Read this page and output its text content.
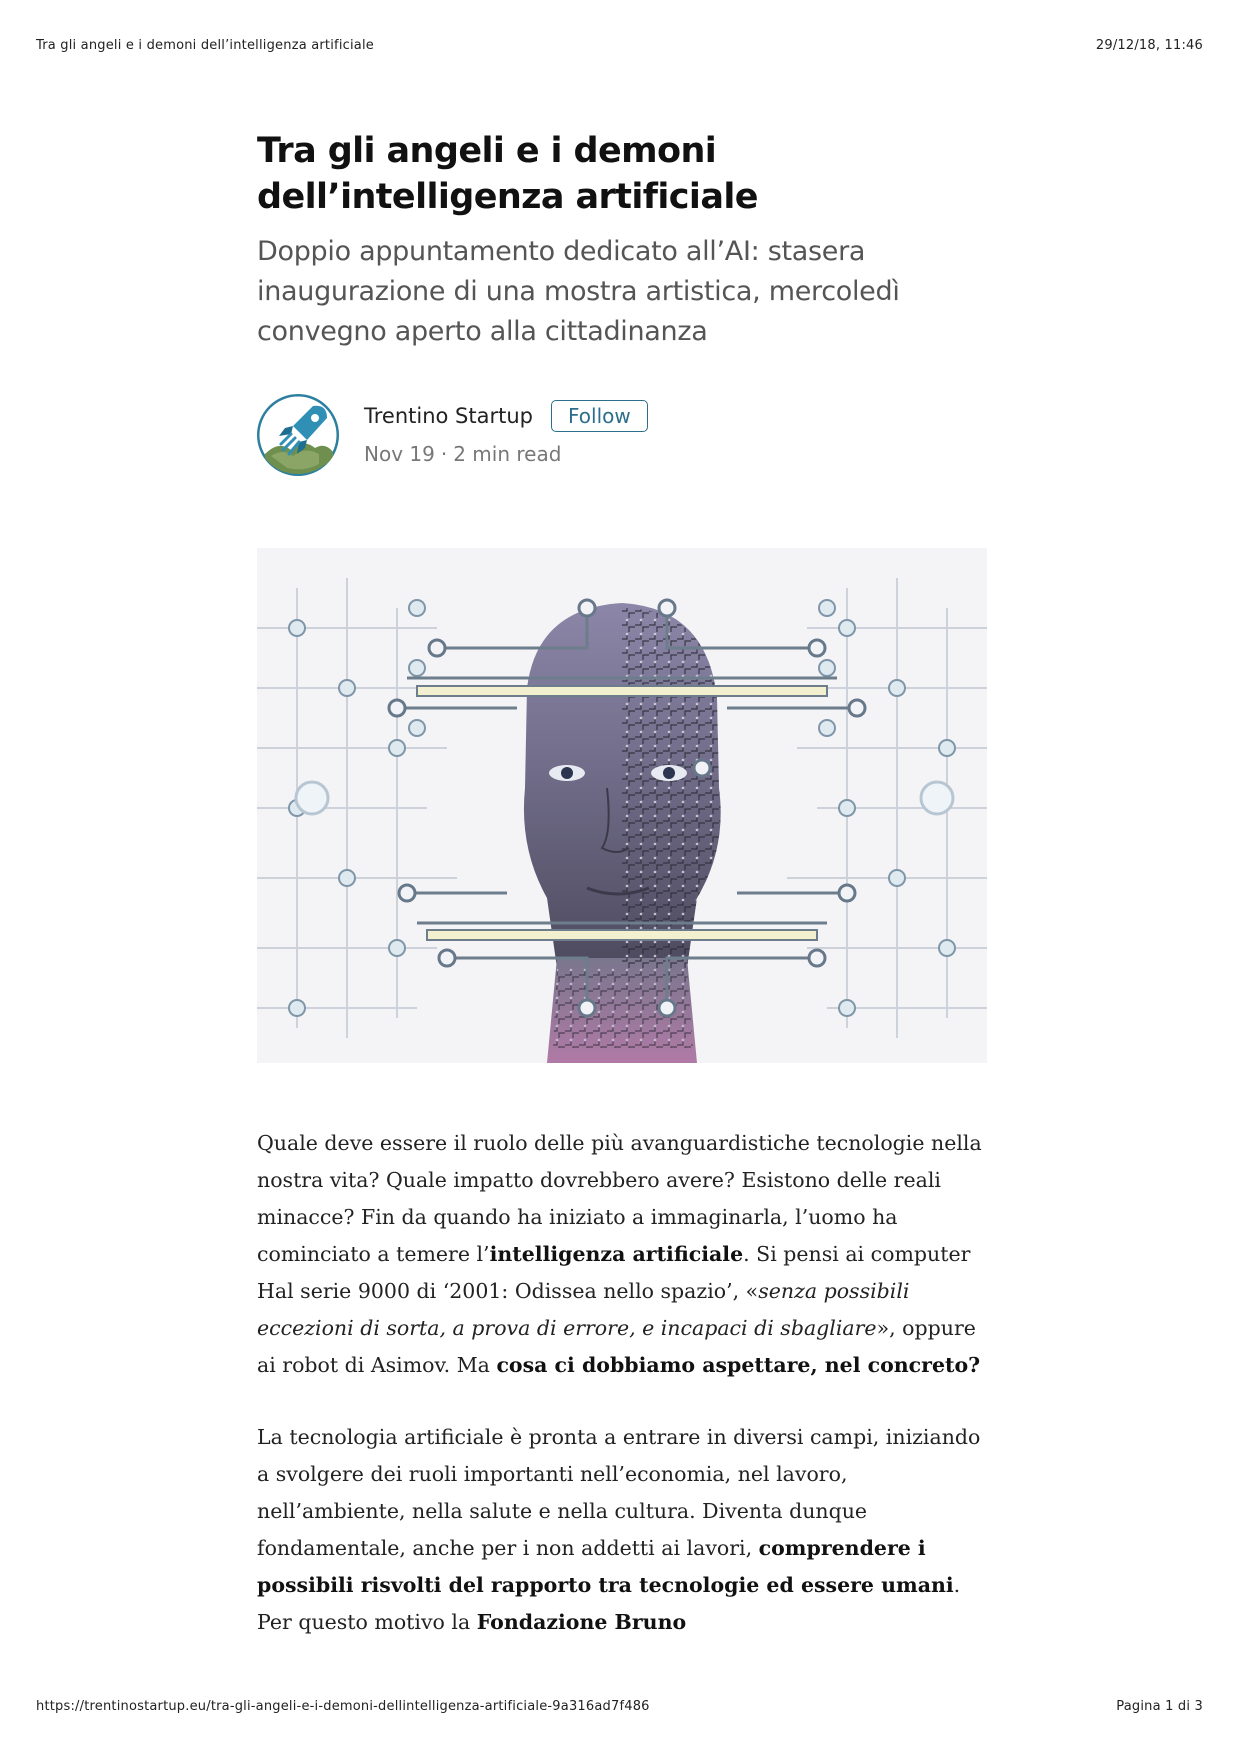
Tra gli angeli e i demoni dell’intelligenza artificiale	29/12/18, 11:46
Tra gli angeli e i demoni dell’intelligenza artificiale

Doppio appuntamento dedicato all’AI: stasera inaugurazione di una mostra artistica, mercoledì convegno aperto alla cittadinanza

Trentino Startup	Follow
Nov 19 · 2 min read

Quale deve essere il ruolo delle più avanguardistiche tecnologie nella nostra vita? Quale impatto dovrebbero avere? Esistono delle reali minacce? Fin da quando ha iniziato a immaginarla, l’uomo ha cominciato a temere l’intelligenza artificiale. Si pensi ai computer Hal serie 9000 di ‘2001: Odissea nello spazio’, «senza possibili eccezioni di sorta, a prova di errore, e incapaci di sbagliare», oppure ai robot di Asimov. Ma cosa ci dobbiamo aspettare, nel concreto?

La tecnologia artificiale è pronta a entrare in diversi campi, iniziando a svolgere dei ruoli importanti nell’economia, nel lavoro, nell’ambiente, nella salute e nella cultura. Diventa dunque fondamentale, anche per i non addetti ai lavori, comprendere i possibili risvolti del rapporto tra tecnologie ed essere umani. Per questo motivo la Fondazione Bruno

https://trentinostartup.eu/tra-gli-angeli-e-i-demoni-dellintelligenza-artificiale-9a316ad7f486	Pagina 1 di 3
